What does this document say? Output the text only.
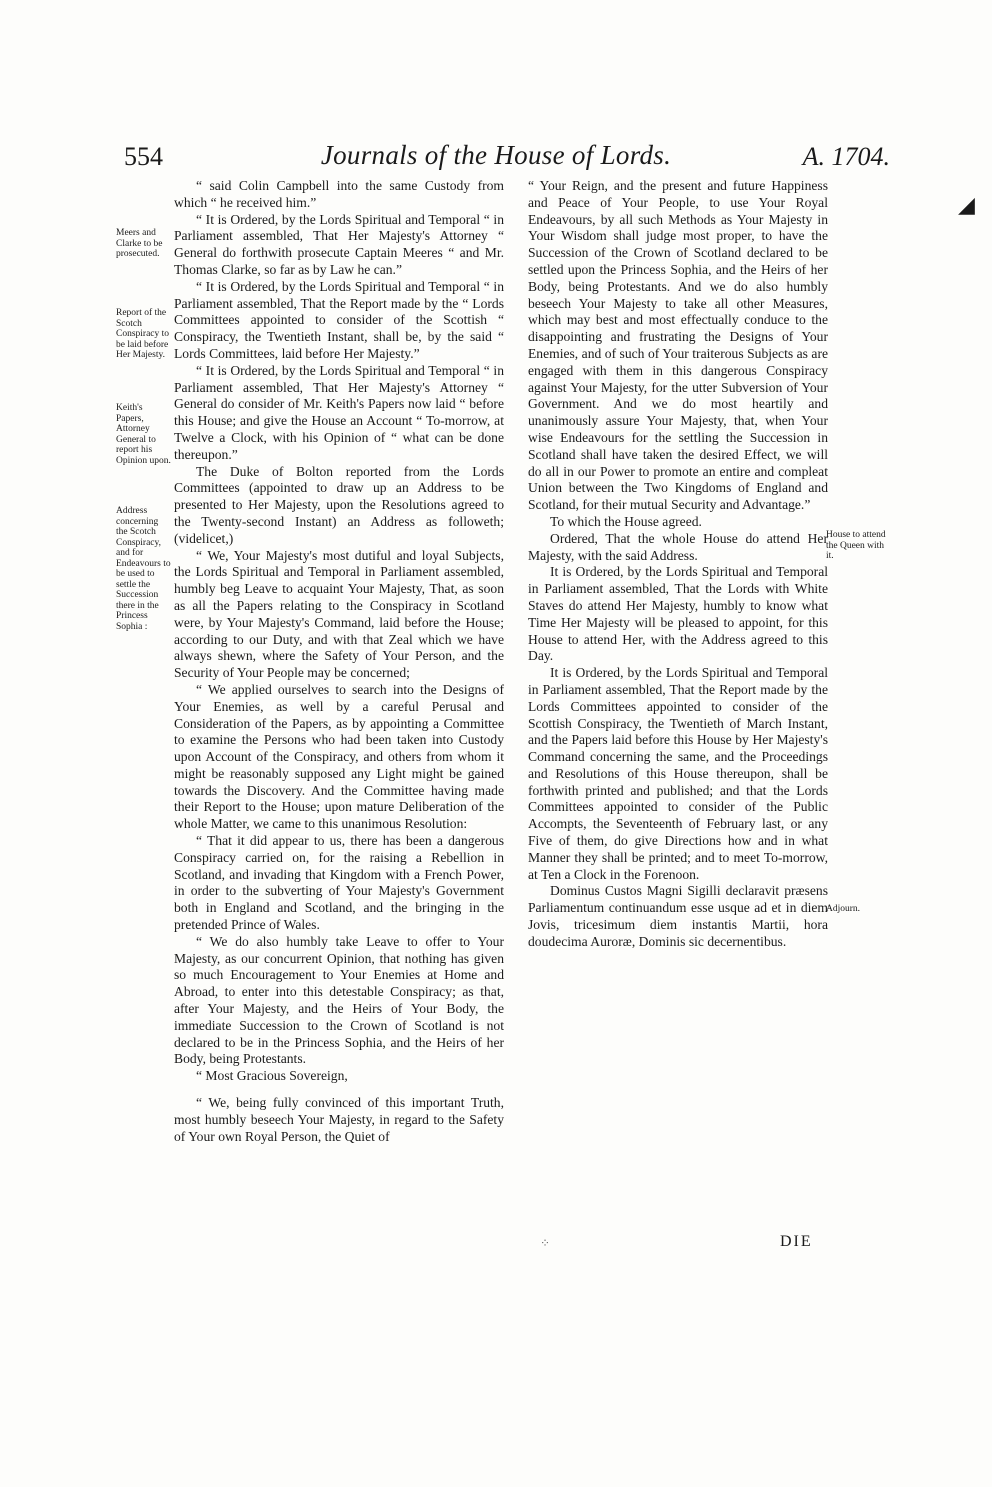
554	Journals of the House of Lords.	A. 1704.
◢
Meers and Clarke to be prosecuted.
Report of the Scotch Conspiracy to be laid before Her Majesty.
Keith's Papers, Attorney General to report his Opinion upon.
Address concerning the Scotch Conspiracy, and for Endeavours to be used to settle the Succession there in the Princess Sophia :
House to attend the Queen with it.
Adjourn.

“ said Colin Campbell into the same Custody from which “ he received him.”

“ It is Ordered, by the Lords Spiritual and Temporal “ in Parliament assembled, That Her Majesty's Attorney “ General do forthwith prosecute Captain Meeres “ and Mr. Thomas Clarke, so far as by Law he can.”

“ It is Ordered, by the Lords Spiritual and Temporal “ in Parliament assembled, That the Report made by the “ Lords Committees appointed to consider of the Scottish “ Conspiracy, the Twentieth Instant, shall be, by the said “ Lords Committees, laid before Her Majesty.”

“ It is Ordered, by the Lords Spiritual and Temporal “ in Parliament assembled, That Her Majesty's Attorney “ General do consider of Mr. Keith's Papers now laid “ before this House; and give the House an Account “ To-morrow, at Twelve a Clock, with his Opinion of “ what can be done thereupon.”

The Duke of Bolton reported from the Lords Committees (appointed to draw up an Address to be presented to Her Majesty, upon the Resolutions agreed to the Twenty-second Instant) an Address as followeth; (videlicet,)

“ We, Your Majesty's most dutiful and loyal Subjects, the Lords Spiritual and Temporal in Parliament assembled, humbly beg Leave to acquaint Your Majesty, That, as soon as all the Papers relating to the Conspiracy in Scotland were, by Your Majesty's Command, laid before the House; according to our Duty, and with that Zeal which we have always shewn, where the Safety of Your Person, and the Security of Your People may be concerned;

“ We applied ourselves to search into the Designs of Your Enemies, as well by a careful Perusal and Consideration of the Papers, as by appointing a Committee to examine the Persons who had been taken into Custody upon Account of the Conspiracy, and others from whom it might be reasonably supposed any Light might be gained towards the Discovery. And the Committee having made their Report to the House; upon mature Deliberation of the whole Matter, we came to this unanimous Resolution:

“ That it did appear to us, there has been a dangerous Conspiracy carried on, for the raising a Rebellion in Scotland, and invading that Kingdom with a French Power, in order to the subverting of Your Majesty's Government both in England and Scotland, and the bringing in the pretended Prince of Wales.

“ We do also humbly take Leave to offer to Your Majesty, as our concurrent Opinion, that nothing has given so much Encouragement to Your Enemies at Home and Abroad, to enter into this detestable Conspiracy; as that, after Your Majesty, and the Heirs of Your Body, the immediate Succession to the Crown of Scotland is not declared to be in the Princess Sophia, and the Heirs of her Body, being Protestants.

“ Most Gracious Sovereign,

“ We, being fully convinced of this important Truth, most humbly beseech Your Majesty, in regard to the Safety of Your own Royal Person, the Quiet of

“ Your Reign, and the present and future Happiness and Peace of Your People, to use Your Royal Endeavours, by all such Methods as Your Majesty in Your Wisdom shall judge most proper, to have the Succession of the Crown of Scotland declared to be settled upon the Princess Sophia, and the Heirs of her Body, being Protestants. And we do also humbly beseech Your Majesty to take all other Measures, which may best and most effectually conduce to the disappointing and frustrating the Designs of Your Enemies, and of such of Your traiterous Subjects as are engaged with them in this dangerous Conspiracy against Your Majesty, for the utter Subversion of Your Government. And we do most heartily and unanimously assure Your Majesty, that, when Your wise Endeavours for the settling the Succession in Scotland shall have taken the desired Effect, we will do all in our Power to promote an entire and compleat Union between the Two Kingdoms of England and Scotland, for their mutual Security and Advantage.”

To which the House agreed.

Ordered, That the whole House do attend Her Majesty, with the said Address.

It is Ordered, by the Lords Spiritual and Temporal in Parliament assembled, That the Lords with White Staves do attend Her Majesty, humbly to know what Time Her Majesty will be pleased to appoint, for this House to attend Her, with the Address agreed to this Day.

It is Ordered, by the Lords Spiritual and Temporal in Parliament assembled, That the Report made by the Lords Committees appointed to consider of the Scottish Conspiracy, the Twentieth of March Instant, and the Papers laid before this House by Her Majesty's Command concerning the same, and the Proceedings and Resolutions of this House thereupon, shall be forthwith printed and published; and that the Lords Committees appointed to consider of the Public Accompts, the Seventeenth of February last, or any Five of them, do give Directions how and in what Manner they shall be printed; and to meet To-morrow, at Ten a Clock in the Forenoon.

Dominus Custos Magni Sigilli declaravit præsens Parliamentum continuandum esse usque ad et in diem Jovis, tricesimum diem instantis Martii, hora doudecima Auroræ, Dominis sic decernentibus.

⁘	DIE
